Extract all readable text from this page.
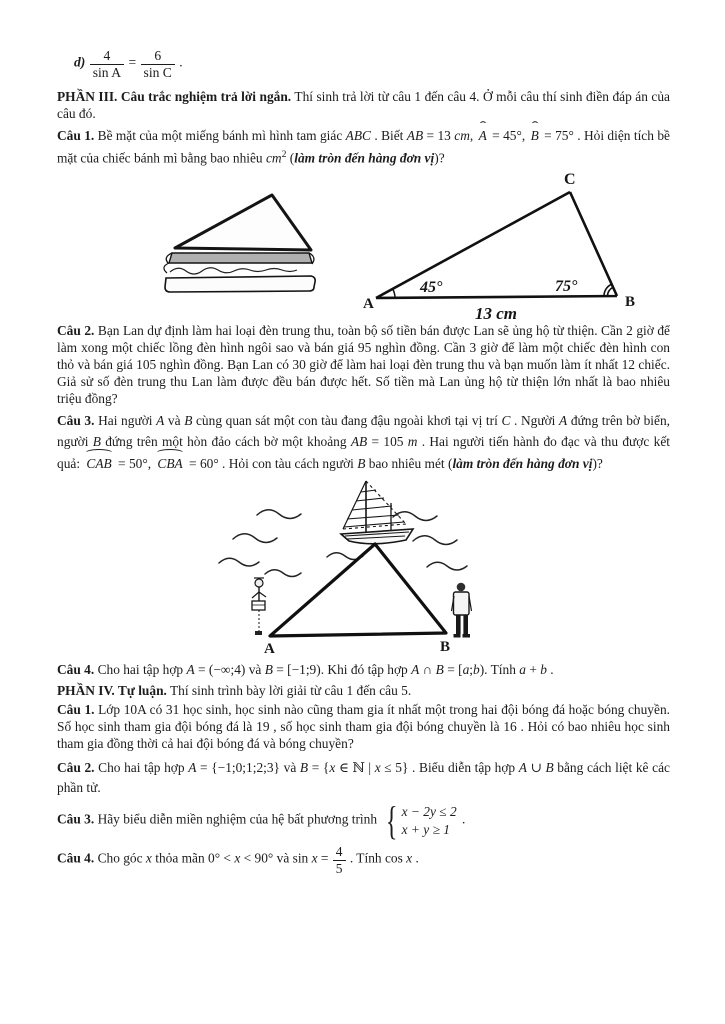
$d) \frac{4}{\text{sin A}} = \frac{6}{\text{sin C}}$ .

PHẦN III. Câu trắc nghiệm trả lời ngắn. Thí sinh trả lời từ câu 1 đến câu 4. Ở mỗi câu thí sinh điền đáp án của câu đó.

Câu 1. Bề mặt của một miếng bánh mì hình tam giác ABC . Biết AB = 13 cm, ˆ A = 45°, ˆ B = 75° . Hỏi diện tích bề mặt của chiếc bánh mì bằng bao nhiêu $cm^2$ (làm tròn đến hàng đơn vị)?

C
A	B
45°	75°
13 cm

Câu 2. Bạn Lan dự định làm hai loại đèn trung thu, toàn bộ số tiền bán được Lan sẽ ủng hộ từ thiện. Cần 2 giờ để làm xong một chiếc lồng đèn hình ngôi sao và bán giá 95 nghìn đồng. Cần 3 giờ để làm một chiếc đèn hình con thỏ và bán giá 105 nghìn đồng. Bạn Lan có 30 giờ để làm hai loại đèn trung thu và bạn muốn làm ít nhất 12 chiếc. Giả sử số đèn trung thu Lan làm được đều bán được hết. Số tiền mà Lan ủng hộ từ thiện lớn nhất là bao nhiêu triệu đồng?

Câu 3. Hai người A và B cùng quan sát một con tàu đang đậu ngoài khơi tại vị trí C . Người A đứng trên bờ biển, người B đứng trên một hòn đảo cách bờ một khoảng AB = 105 m . Hai người tiến hành đo đạc và thu được kết quả: CAB = 50°, CBA = 60° . Hỏi con tàu cách người B bao nhiêu mét (làm tròn đến hàng đơn vị)?

A	B

Câu 4. Cho hai tập hợp A = (−∞;4) và B = [−1;9). Khi đó tập hợp A ∩ B = [a;b). Tính a + b .

PHẦN IV. Tự luận. Thí sinh trình bày lời giải từ câu 1 đến câu 5.

Câu 1. Lớp 10A có 31 học sinh, học sinh nào cũng tham gia ít nhất một trong hai đội bóng đá hoặc bóng chuyền. Số học sinh tham gia đội bóng đá là 19 , số học sinh tham gia đội bóng chuyền là 16 . Hỏi có bao nhiêu học sinh tham gia đồng thời cả hai đội bóng đá và bóng chuyền?

Câu 2. Cho hai tập hợp A = {−1;0;1;2;3} và B = {x ∈ ℕ | x ≤ 5} . Biểu diễn tập hợp A ∪ B bằng cách liệt kê các phần tử.

Câu 3. Hãy biểu diễn miền nghiệm của hệ bất phương trình { x − 2y ≤ 2
x + y ≥ 1
.

Câu 4. Cho góc x thỏa mãn 0° < x < 90° và $\sin x = \frac{4}{5}$ . Tính cos x .
